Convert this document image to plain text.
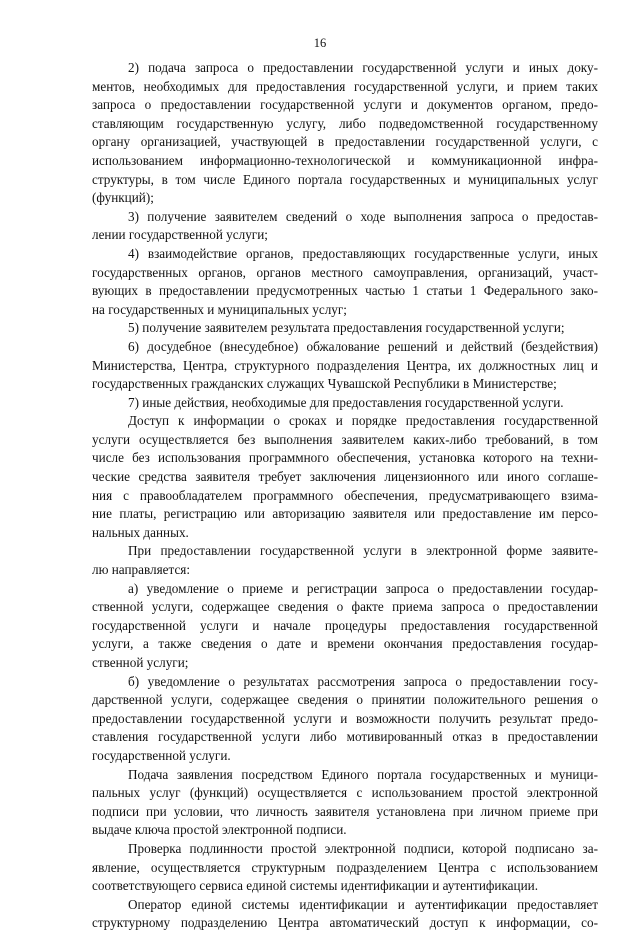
16
2) подача запроса о предоставлении государственной услуги и иных доку-
ментов, необходимых для предоставления государственной услуги, и прием таких
запроса о предоставлении государственной услуги и документов органом, предо-
ставляющим государственную услугу, либо подведомственной государственному
органу организацией, участвующей в предоставлении государственной услуги, с
использованием информационно-технологической и коммуникационной инфра-
структуры, в том числе Единого портала государственных и муниципальных услуг
(функций);
3) получение заявителем сведений о ходе выполнения запроса о предостав-
лении государственной услуги;
4) взаимодействие органов, предоставляющих государственные услуги, иных
государственных органов, органов местного самоуправления, организаций, участ-
вующих в предоставлении предусмотренных частью 1 статьи 1 Федерального зако-
на государственных и муниципальных услуг;
5) получение заявителем результата предоставления государственной услуги;
6) досудебное (внесудебное) обжалование решений и действий (бездействия)
Министерства, Центра, структурного подразделения Центра, их должностных лиц и
государственных гражданских служащих Чувашской Республики в Министерстве;
7) иные действия, необходимые для предоставления государственной услуги.
Доступ к информации о сроках и порядке предоставления государственной
услуги осуществляется без выполнения заявителем каких-либо требований, в том
числе без использования программного обеспечения, установка которого на техни-
ческие средства заявителя требует заключения лицензионного или иного соглаше-
ния с правообладателем программного обеспечения, предусматривающего взима-
ние платы, регистрацию или авторизацию заявителя или предоставление им персо-
нальных данных.
При предоставлении государственной услуги в электронной форме заявите-
лю направляется:
а) уведомление о приеме и регистрации запроса о предоставлении государ-
ственной услуги, содержащее сведения о факте приема запроса о предоставлении
государственной услуги и начале процедуры предоставления государственной
услуги, а также сведения о дате и времени окончания предоставления государ-
ственной услуги;
б) уведомление о результатах рассмотрения запроса о предоставлении госу-
дарственной услуги, содержащее сведения о принятии положительного решения о
предоставлении государственной услуги и возможности получить результат предо-
ставления государственной услуги либо мотивированный отказ в предоставлении
государственной услуги.
Подача заявления посредством Единого портала государственных и муници-
пальных услуг (функций) осуществляется с использованием простой электронной
подписи при условии, что личность заявителя установлена при личном приеме при
выдаче ключа простой электронной подписи.
Проверка подлинности простой электронной подписи, которой подписано за-
явление, осуществляется структурным подразделением Центра с использованием
соответствующего сервиса единой системы идентификации и аутентификации.
Оператор единой системы идентификации и аутентификации предоставляет
структурному подразделению Центра автоматический доступ к информации, со-
